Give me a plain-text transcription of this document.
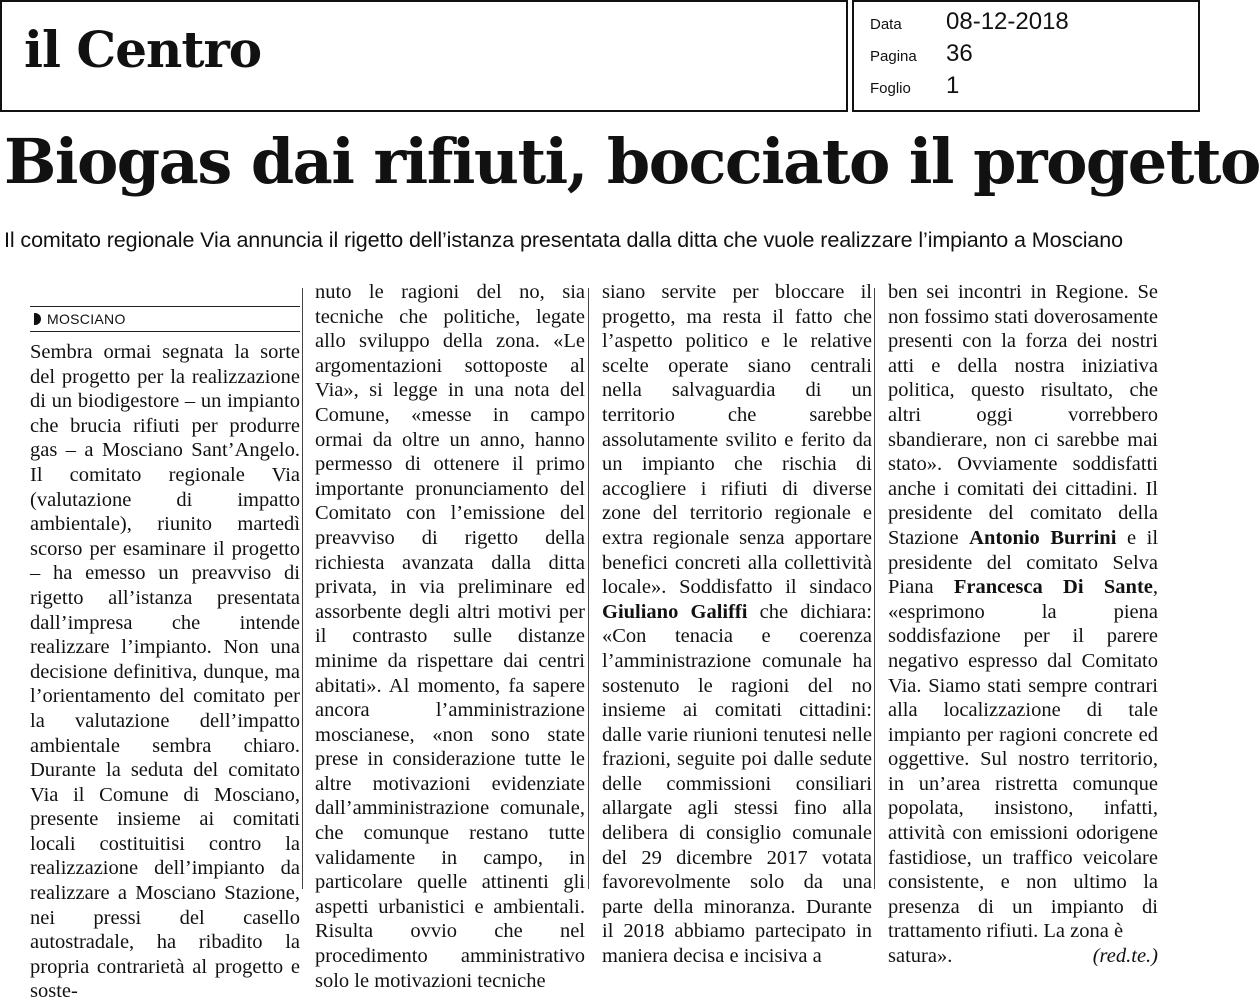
il Centro	Data	08-12-2018
Pagina	36
Foglio	1
Biogas dai rifiuti, bocciato il progetto
Il comitato regionale Via annuncia il rigetto dell’istanza presentata dalla ditta che vuole realizzare l’impianto a Mosciano
MOSCIANO

Sembra ormai segnata la sorte del progetto per la realizzazione di un biodigestore – un impianto che brucia rifiuti per produrre gas – a Mosciano Sant’Angelo. Il comitato regionale Via (valutazione di impatto ambientale), riunito martedì scorso per esaminare il progetto – ha emesso un preavviso di rigetto all’istanza presentata dall’impresa che intende realizzare l’impianto. Non una decisione definitiva, dunque, ma l’orientamento del comitato per la valutazione dell’impatto ambientale sembra chiaro. Durante la seduta del comitato Via il Comune di Mosciano, presente insieme ai comitati locali costituitisi contro la realizzazione dell’impianto da realizzare a Mosciano Stazione, nei pressi del casello autostradale, ha ribadito la propria contrarietà al progetto e soste-

nuto le ragioni del no, sia tecniche che politiche, legate allo sviluppo della zona. «Le argomentazioni sottoposte al Via», si legge in una nota del Comune, «messe in campo ormai da oltre un anno, hanno permesso di ottenere il primo importante pronunciamento del Comitato con l’emissione del preavviso di rigetto della richiesta avanzata dalla ditta privata, in via preliminare ed assorbente degli altri motivi per il contrasto sulle distanze minime da rispettare dai centri abitati». Al momento, fa sapere ancora l’amministrazione moscianese, «non sono state prese in considerazione tutte le altre motivazioni evidenziate dall’amministrazione comunale, che comunque restano tutte validamente in campo, in particolare quelle attinenti gli aspetti urbanistici e ambientali. Risulta ovvio che nel procedimento amministrativo solo le motivazioni tecniche

siano servite per bloccare il progetto, ma resta il fatto che l’aspetto politico e le relative scelte operate siano centrali nella salvaguardia di un territorio che sarebbe assolutamente svilito e ferito da un impianto che rischia di accogliere i rifiuti di diverse zone del territorio regionale e extra regionale senza apportare benefici concreti alla collettività locale». Soddisfatto il sindaco Giuliano Galiffi che dichiara: «Con tenacia e coerenza l’amministrazione comunale ha sostenuto le ragioni del no insieme ai comitati cittadini: dalle varie riunioni tenutesi nelle frazioni, seguite poi dalle sedute delle commissioni consiliari allargate agli stessi fino alla delibera di consiglio comunale del 29 dicembre 2017 votata favorevolmente solo da una parte della minoranza. Durante il 2018 abbiamo partecipato in maniera decisa e incisiva a

ben sei incontri in Regione. Se non fossimo stati doverosamente presenti con la forza dei nostri atti e della nostra iniziativa politica, questo risultato, che altri oggi vorrebbero sbandierare, non ci sarebbe mai stato». Ovviamente soddisfatti anche i comitati dei cittadini. Il presidente del comitato della Stazione Antonio Burrini e il presidente del comitato Selva Piana Francesca Di Sante, «esprimono la piena soddisfazione per il parere negativo espresso dal Comitato Via. Siamo stati sempre contrari alla localizzazione di tale impianto per ragioni concrete ed oggettive. Sul nostro territorio, in un’area ristretta comunque popolata, insistono, infatti, attività con emissioni odorigene fastidiose, un traffico veicolare consistente, e non ultimo la presenza di un impianto di trattamento rifiuti. La zona è

satura».	(red.te.)
